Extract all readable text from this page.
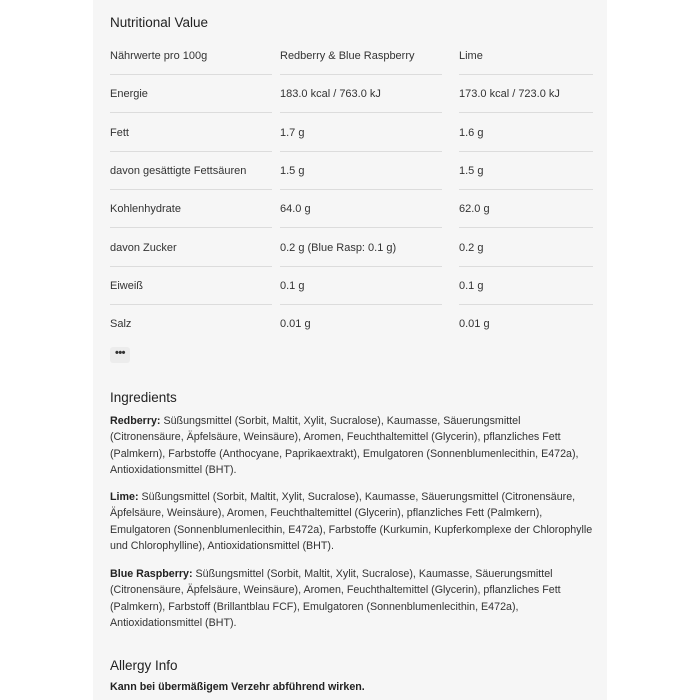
Nutritional Value
Nährwerte pro 100g	Redberry & Blue Raspberry	Lime

Energie	183.0 kcal / 763.0 kJ	173.0 kcal / 723.0 kJ

Fett	1.7 g	1.6 g

davon gesättigte Fettsäuren	1.5 g	1.5 g

Kohlenhydrate	64.0 g	62.0 g

davon Zucker	0.2 g (Blue Rasp: 0.1 g)	0.2 g

Eiweiß	0.1 g	0.1 g

Salz	0.01 g	0.01 g
•••
Ingredients
Redberry: Süßungsmittel (Sorbit, Maltit, Xylit, Sucralose), Kaumasse, Säuerungsmittel (Citronensäure, Äpfelsäure, Weinsäure), Aromen, Feuchthaltemittel (Glycerin), pflanzliches Fett (Palmkern), Farbstoffe (Anthocyane, Paprikaextrakt), Emulgatoren (Sonnenblumenlecithin, E472a), Antioxidationsmittel (BHT).
Lime: Süßungsmittel (Sorbit, Maltit, Xylit, Sucralose), Kaumasse, Säuerungsmittel (Citronensäure, Äpfelsäure, Weinsäure), Aromen, Feuchthaltemittel (Glycerin), pflanzliches Fett (Palmkern), Emulgatoren (Sonnenblumenlecithin, E472a), Farbstoffe (Kurkumin, Kupferkomplexe der Chlorophylle und Chlorophylline), Antioxidationsmittel (BHT).
Blue Raspberry: Süßungsmittel (Sorbit, Maltit, Xylit, Sucralose), Kaumasse, Säuerungsmittel (Citronensäure, Äpfelsäure, Weinsäure), Aromen, Feuchthaltemittel (Glycerin), pflanzliches Fett (Palmkern), Farbstoff (Brillantblau FCF), Emulgatoren (Sonnenblumenlecithin, E472a), Antioxidationsmittel (BHT).
Allergy Info
Kann bei übermäßigem Verzehr abführend wirken.
